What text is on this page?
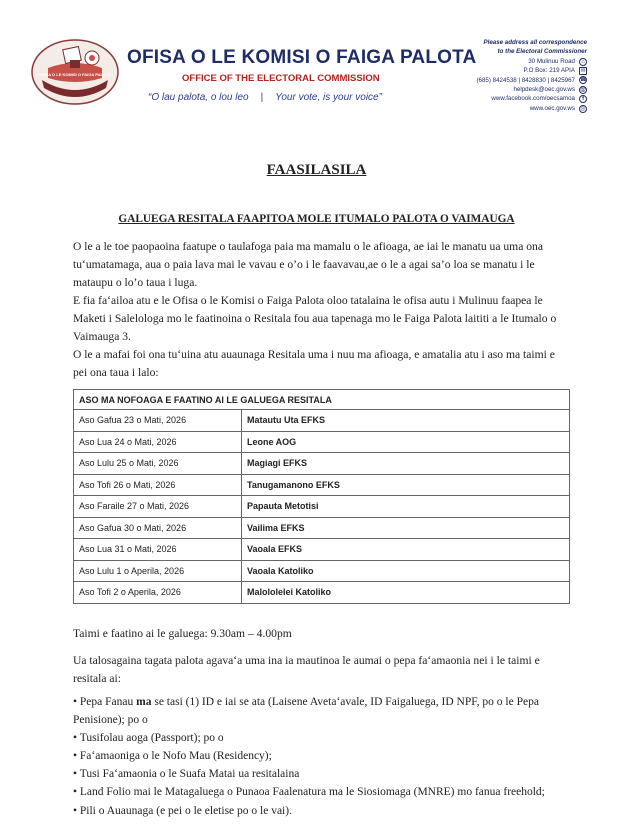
OFISA O LE KOMISI O FAIGA PALOTA
OFISA O LE KOMISI O FAIGA PALOTA
OFFICE OF THE ELECTORAL COMMISSION
“O lau palota, o lou leo | Your vote, is your voice”
Please address all correspondence
to the Electoral Commissioner
30 Mulinuu Road	⌂
P.O Box: 219 APIA	✉
(685) 8424538 | 8428830 | 8425967 ☎
helpdesk@oec.gov.ws @
www.facebook.com/oecsamoa	f
www.oec.gov.ws ◎
FAASILASILA
GALUEGA RESITALA FAAPITOA MOLE ITUMALO PALOTA O VAIMAUGA
O le a le toe paopaoina faatupe o taulafoga paia ma mamalu o le afioaga, ae iai le manatu ua uma ona tu‘umatamaga, aua o paia lava mai le vavau e o’o i le faavavau,ae o le a agai sa’o loa se manatu i le mataupu o lo’o taua i luga.
E fia fa‘ailoa atu e le Ofisa o le Komisi o Faiga Palota oloo tatalaina le ofisa autu i Mulinuu faapea le Maketi i Salelologa mo le faatinoina o Resitala fou aua tapenaga mo le Faiga Palota laititi a le Itumalo o Vaimauga 3.
O le a mafai foi ona tu‘uina atu auaunaga Resitala uma i nuu ma afioaga, e amatalia atu i aso ma taimi e pei ona taua i lalo:
ASO MA NOFOAGA E FAATINO AI LE GALUEGA RESITALA	
Aso Gafua 23 o Mati, 2026	Matautu Uta EFKS
Aso Lua 24 o Mati, 2026	Leone AOG
Aso Lulu 25 o Mati, 2026	Magiagi EFKS
Aso Tofi 26 o Mati, 2026	Tanugamanono EFKS
Aso Faraile 27 o Mati, 2026	Papauta Metotisi
Aso Gafua 30 o Mati, 2026	Vailima EFKS
Aso Lua 31 o Mati, 2026	Vaoala EFKS
Aso Lulu 1 o Aperila, 2026	Vaoala Katoliko
Aso Tofi 2 o Aperila, 2026	Malololelei Katoliko
Taimi e faatino ai le galuega: 9.30am – 4.00pm
Ua talosagaina tagata palota agava‘a uma ina ia mautinoa le aumai o pepa fa‘amaonia nei i le taimi e resitala ai:
• Pepa Fanau ma se tasi (1) ID e iai se ata (Laisene Aveta‘avale, ID Faigaluega, ID NPF, po o le Pepa Penisione); po o
• Tusifolau aoga (Passport); po o
• Fa‘amaoniga o le Nofo Mau (Residency);
• Tusi Fa‘amaonia o le Suafa Matai ua resitalaina
• Land Folio mai le Matagaluega o Punaoa Faalenatura ma le Siosiomaga (MNRE) mo fanua freehold;
• Pili o Auaunaga (e pei o le eletise po o le vai).
